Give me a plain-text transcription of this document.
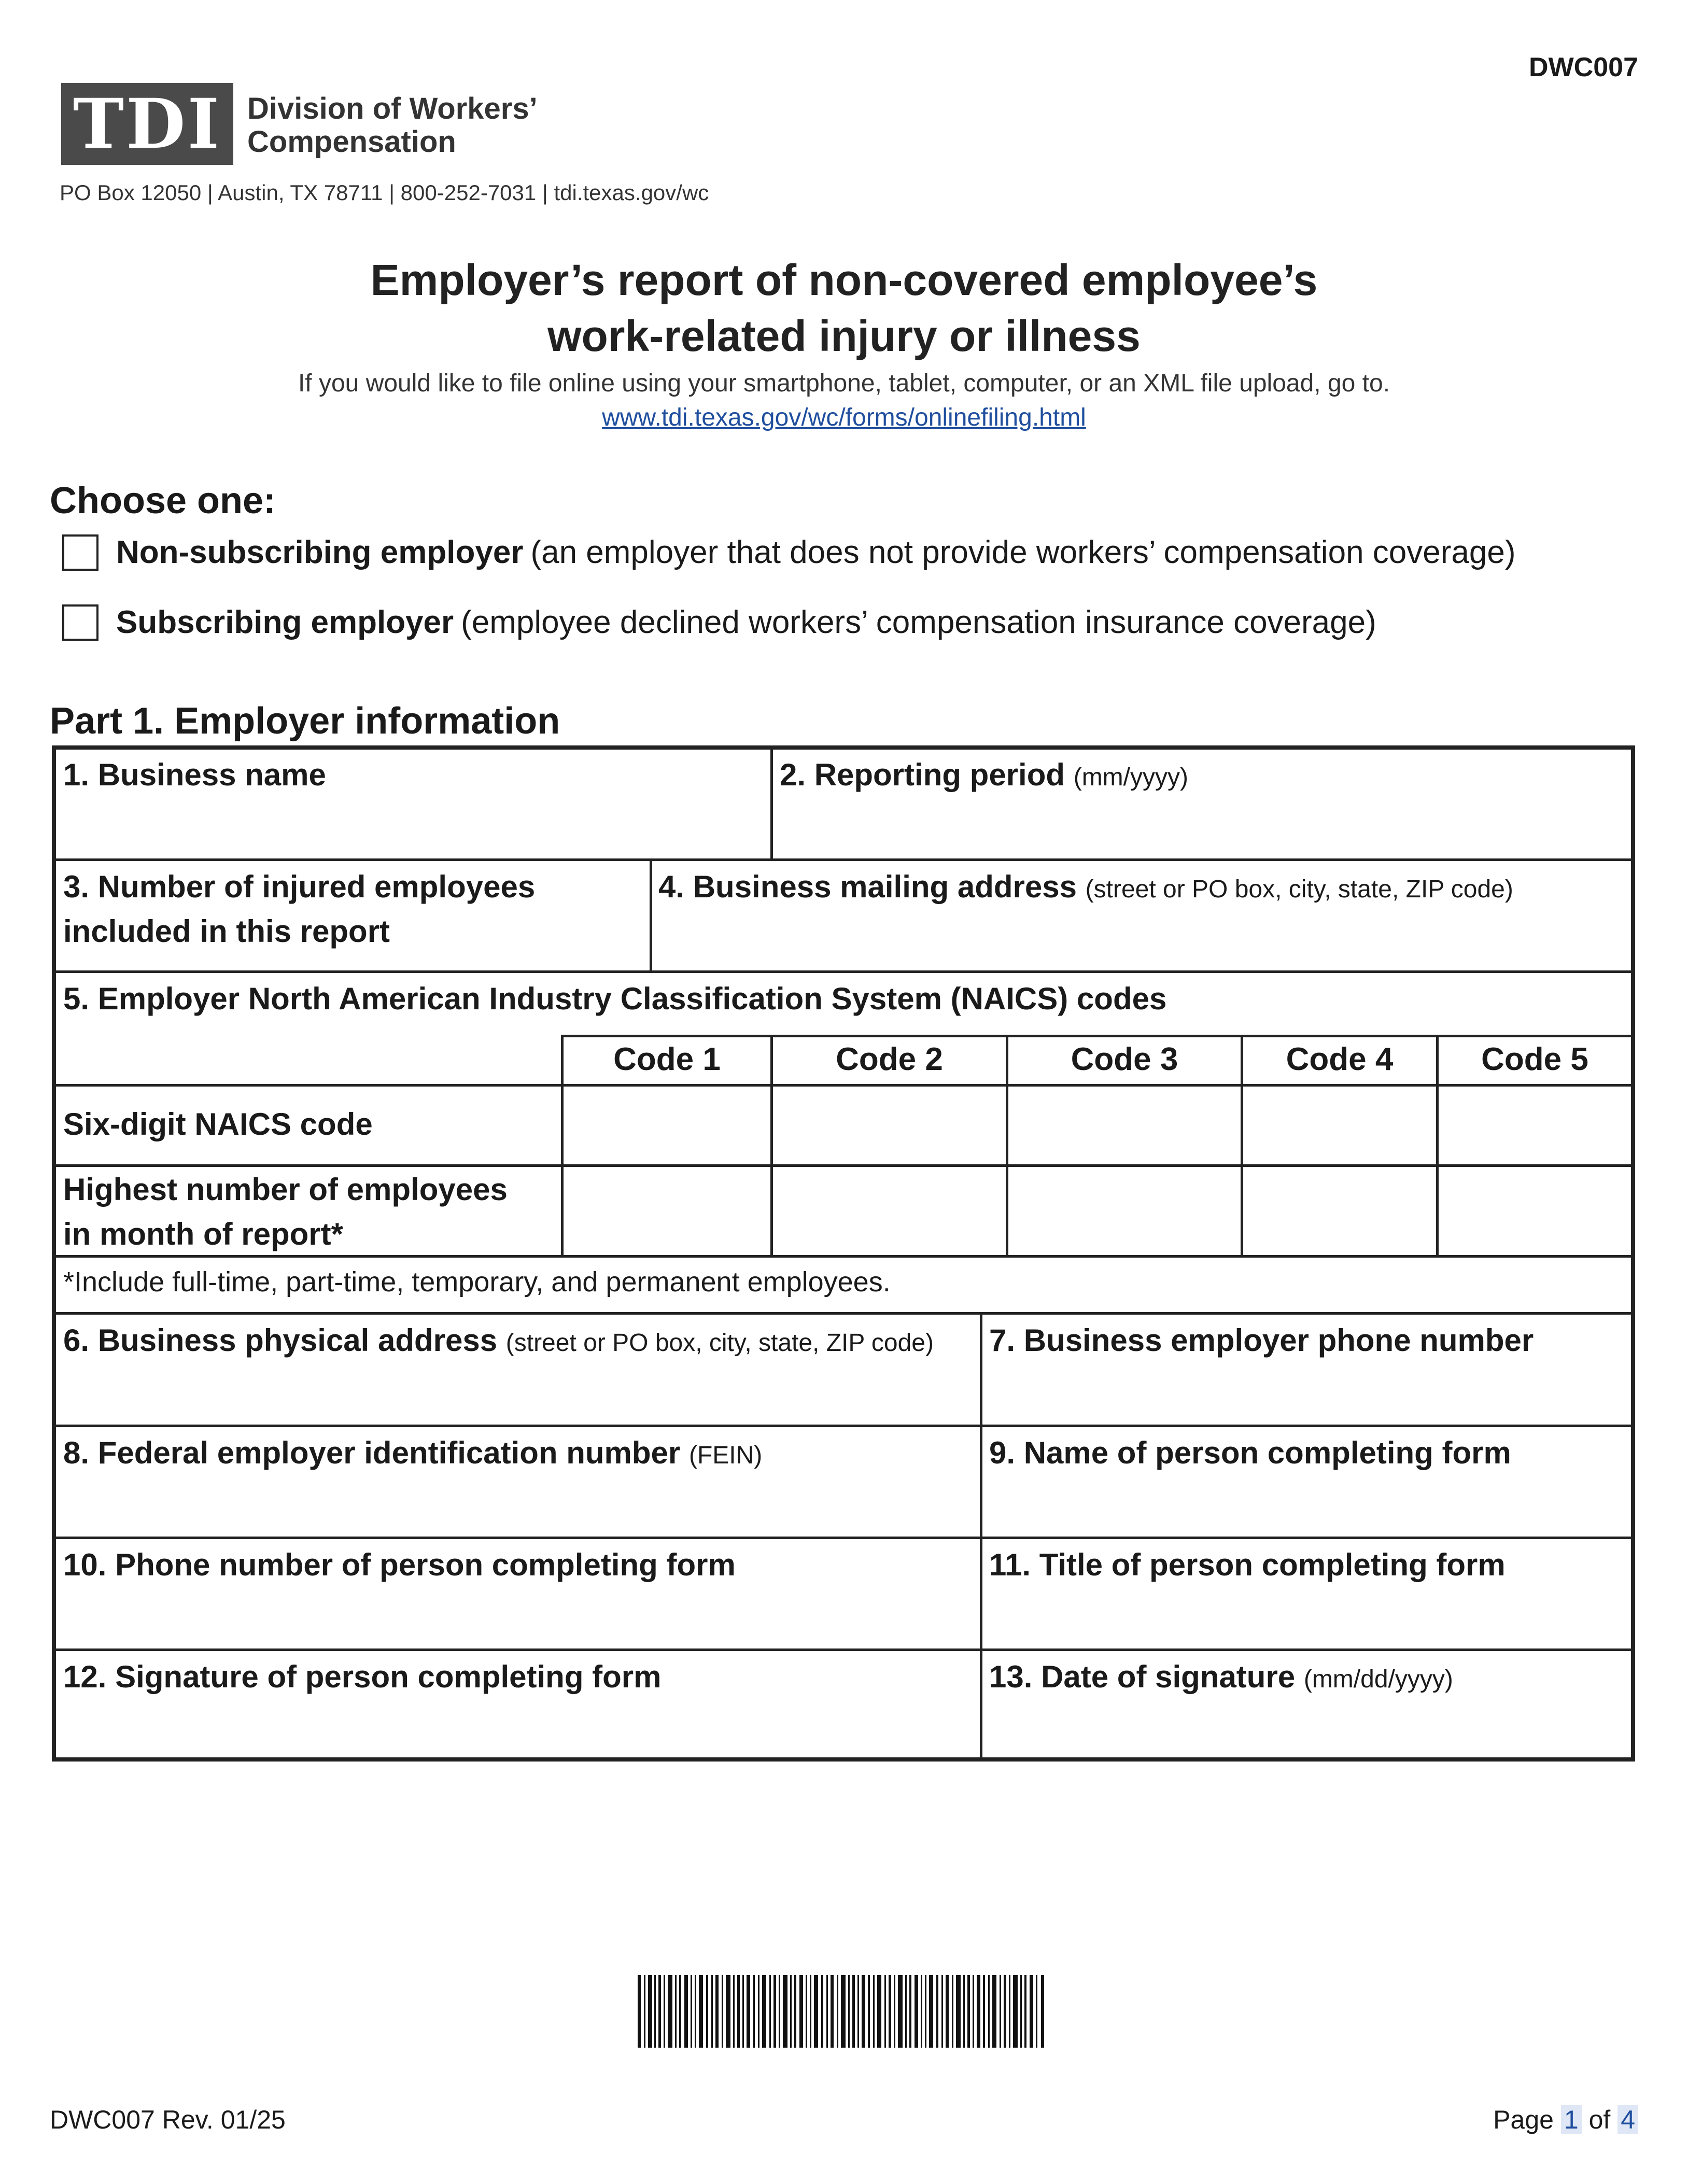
DWC007
TDI Division of Workers’
Compensation
PO Box 12050 | Austin, TX 78711 | 800-252-7031 | tdi.texas.gov/wc
Employer’s report of non-covered employee’s
work-related injury or illness
If you would like to file online using your smartphone, tablet, computer, or an XML file upload, go to.
www.tdi.texas.gov/wc/forms/onlinefiling.html
Choose one:
Non-subscribing employer (an employer that does not provide workers’ compensation coverage)
Subscribing employer (employee declined workers’ compensation insurance coverage)
Part 1. Employer information
1. Business name	2. Reporting period (mm/yyyy)
3. Number of injured employees
included in this report
4. Business mailing address (street or PO box, city, state, ZIP code)
5. Employer North American Industry Classification System (NAICS) codes
Code 1	Code 2	Code 3	Code 4	Code 5
Six-digit NAICS code
Highest number of employees
in month of report*
*Include full-time, part-time, temporary, and permanent employees.
6. Business physical address (street or PO box, city, state, ZIP code) 7. Business employer phone number
8. Federal employer identification number (FEIN)	9. Name of person completing form
10. Phone number of person completing form	11. Title of person completing form
12. Signature of person completing form	13. Date of signature (mm/dd/yyyy)
DWC007 Rev. 01/25	Page 1 of 4
